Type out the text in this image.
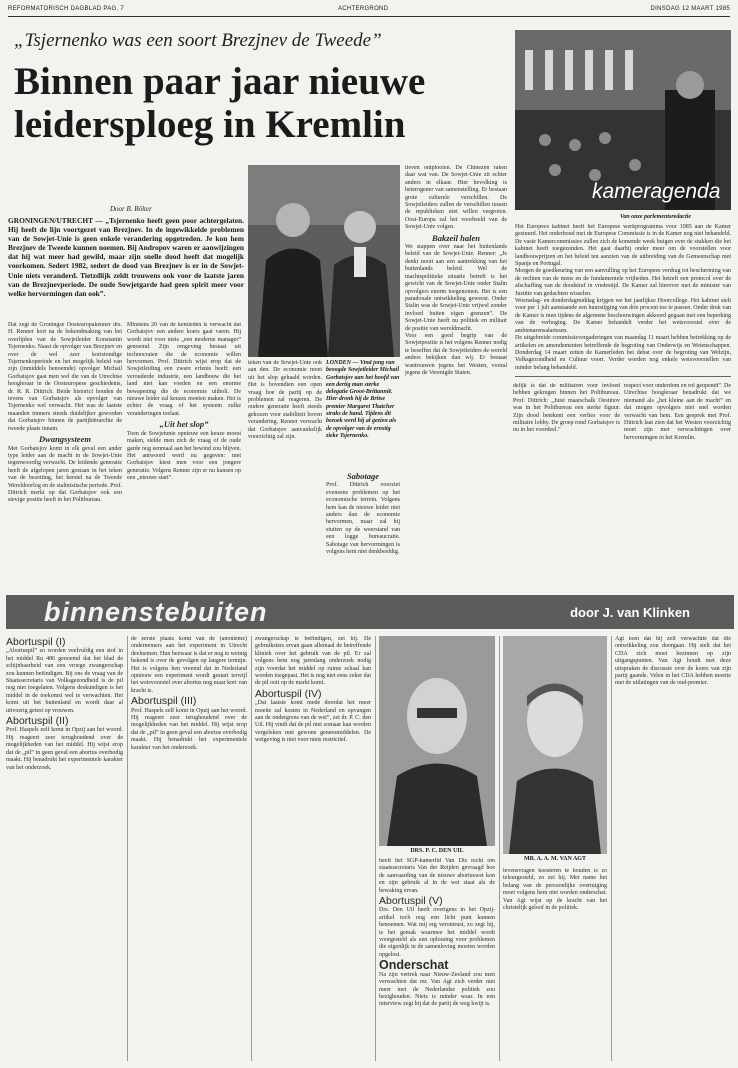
REFORMATORISCH DAGBLAD PAG. 7	ACHTERGROND	DINSDAG 12 MAART 1985
„Tsjernenko was een soort Brezjnev de Tweede”
Binnen paar jaar nieuwe leidersploeg in Kremlin
Door B. Bölter
GRONINGEN/UTRECHT — „Tsjernenko heeft geen poor achtergelaten. Hij heeft de lijn voortgezet van Brezjnev. In de ingewikkelde problemen van de Sowjet-Unie is geen enkele verandering opgetreden. Je kon hem Brezjnev de Tweede kunnen noemen. Bij Andropov waren er aanwijzingen dat hij wat meer had gewild, maar zijn snelle dood heeft dat mogelijk voorkomen. Sedert 1982, sedert de dood van Brezjnev is er in de Sowjet-Unie niets veranderd. Tietzdlijk zeldt trouwens ook voor de laatste jaren van de Brezjnevperiode. De oude Sowjetgarde had geen spirit meer voor welke hervormingen dan ook”.

Dat zegt de Groningse Oosteuropakenner drs. H. Renner kort na de bekendmaking van het overlijden van de Sowjetleider Konstantin Tsjernenko. Naast de opvolger van Brezjnev en over de wel zeer kortstondige Tsjernenkoperiode en het mogelijk beleid van zijn (inmiddels benoemde) opvolger Michail Gorbatsjov gaat men wel die van de Utrechtse hoogleraar in de Oosteuropese geschiedenis, dr. R. R. Dittrich. Beide historici houden de tevens van Gorbatsjov als opvolger van Tsjernenko wel verwacht. Het was de laatste maanden immers steeds duidelijker geworden dat Gorbatsjov binnen de partijhiërarchie de tweede plaats innam.

Dwangsysteem

Met Gorbatsjov komt in elk geval een ander type leider aan de macht in de Sowjet-Unie tegenwoordig verwacht. De leidende generatie heeft de afgelopen jaren gestaan in het teken van de bezetting, het herstel na de Tweede Wereldoorlog en de stalinistische periode. Prof. Dittrich merkt op dat Gorbatsjov ook een stevige positie heeft in het Politbureau.

Minstens 20 van de kemleden is verwacht dat Gorbatsjov een andere koers gaat varen. Hij wordt niet voor niets „een moderne manager” genoemd. Zijn omgeving bestaat uit technocraten die de economie willen hervormen. Prof. Dittrich wijst erop dat de Sowjetleiding een zware erfenis heeft: een verouderde industrie, een landbouw die het land niet kan voeden en een enorme bewapening die de economie uitholt. De nieuwe leider zal keuzes moeten maken. Het is echter de vraag of het systeem zulke veranderingen toelaat.

„Uit het slop”

Toen de Sowjetunie opnieuw een keuze moest maken, stelde men zich de vraag of de oude garde nog eenmaal aan het bewind zou blijven. Het antwoord werd nu gegeven: met Gorbatsjov kiest men voor een jongere generatie. Volgens Renner zijn er nu kansen op een „nieuwe start”.

teken van de Sowjet-Unie ook aan den. De economie moet uit het slop gehaald worden. Het is bovendien een open vraag hoe de partij op de problemen zal reageren. De oudere generatie heeft steeds gekozen voor stabiliteit boven verandering. Renner verwacht dat Gorbatsjov aanvankelijk voorzichtig zal zijn.

LONDEN — Vind jong van beoogde Sowjetleider Michail Gorbatsjov aan het hoofd van een dertig man sterke delegatie Groot-Brittannië. Hier dronk hij de Britse premier Margaret Thatcher straks de hand. Tijdens dit bezoek werd hij al gezien als de opvolger van de ernstig zieke Tsjernenko.
Sabotage

Prof. Dittrich voorziet eveneens problemen op het economische terrein. Volgens hem kan de nieuwe leider niet anders dan de economie hervormen, maar zal hij stuiten op de weerstand van een logge bureaucratie. Sabotage van hervormingen is volgens hem niet denkbeeldig.

tieven ontplooien. De Chinezen raken daar wat van. De Sowjet-Unie zit echter anders in elkaar. Hier bevolking is heterogener van samenstelling. Er bestaan grote culturele verschillen. De Sowjetleiders zullen de verschillen tussen de republieken niet willen vergroten. Oost-Europa zal het voorbeeld van de Sowjet-Unie volgen.

Bakzeil halen

We stappen over naar het buitenlands beleid van de Sowjet-Unie. Renner: „Je denkt nooit aan een aantrekking van het buitenlands beleid. Wel de machtspolitieke situatie betreft is het gewicht van de Sowjet-Unie onder Stalin opvolgers enorm toegenomen. Het is een paradoxale ontwikkeling geweest. Onder Stalin was de Sowjet-Unie vrijwel zonder invloed buiten eigen grenzen”. De Sowjet-Unie heeft nu politiek en militair de positie van wereldmacht.

Voor een goed begrip van de Sowjetpositie is het volgens Renner nodig te beseffen dat de Sowjetleiders de wereld anders bekijken dan wij. Er bestaat wantrouwen jegens het Westen, vooral jegens de Verenigde Staten.

kameragenda
Van onze parlementsredactie

Het Europees kabinet heeft het Europese werkprogramma voor 1985 aan de Kamer gestuurd. Het onderhoud met de Europese Commissie is in de Kamer nog niet behandeld. De vaste Kamercommissies zullen zich de komende week buigen over de stukken die het kabinet heeft toegezonden. Het gaat daarbij onder meer om de voorstellen voor landbouwprijzen en het beleid ten aanzien van de uitbreiding van de Gemeenschap met Spanje en Portugal.

Morgen de goedkeuring van een aanvulling op het Europees verdrag tot bescherming van de rechten van de mens en de fundamentele vrijheden. Het betreft een protocol over de afschaffing van de doodstraf in vredestijd. De Kamer zal hierover met de minister van Justitie van gedachten wisselen.

Woensdag- en donderdagmiddag krijgen we het jaarlijkse Hoorcollege. Het kabinet stelt voor per 1 juli aanstaande een huurstijging van drie procent toe te passen. Onder druk van de Kamer is men tijdens de algemene beschouwingen akkoord gegaan met een beperking van de verhoging. De Kamer behandelt verder het wetsvoorstel over de ambtenarensalarissen.

De uitgebreide commissievergaderingen van maandag 11 maart hebben betrekking op de artikelen en amendementen betreffende de begroting van Onderwijs en Wetenschappen. Donderdag 14 maart zetten de Kamerleden het debat over de begroting van Welzijn, Volksgezondheid en Cultuur voort. Verder worden nog enkele wetsvoorstellen van minder belang behandeld.

delijk is dat de militairen voor invloed hebben gekregen binnen het Politbureau. Prof. Dittrich: „Juist maarschalk Oestinov was in het Politbureau een sterke figuur. Zijn dood betekent een verlies voor de militaire lobby. De groep rond Gorbatsjov is nu in het voordeel.”

respect voor onderdom en rol geopendt”. De Utrechtse hoogleraar benadrukt dat we niemand als „het kleine aan de macht” en dat mogen opvolgers niet snel worden verwacht van hem. Een gesprek met Prof. Dittrich laat zien dat het Westen voorzichtig moet zijn met verwachtingen over hervormingen in het Kremlin.

binnenstebuiten	door J. van Klinken
Abortuspil (I)

„Abortuspil” zo worden veelvuldig een stof in het middel Ru 486 genoemd dat het blad de schijnbaarheid van een vroege zwangerschap zou kunnen beëindigen. Bij ons de vraag van de Staatssecretaris van Volksgezondheid is de pil nog niet toegelaten. Volgens deskundigen is het middel in de toekomst wel te verwachten. Het komt uit het buitenland en wordt daar al uitvoerig getest op vrouwen.

Abortuspil (II)

Prof. Haspels zelf komt in Opzij aan het woord. Hij reageert zeer terughoudend over de mogelijkheden van het middel. Hij wijst erop dat de „pil” in geen geval een abortus overbodig maakt. Hij benadrukt het experimentele karakter van het onderzoek.

de eerste plaats komt van de (anonieme) ondernemers aan het experiment in Utrecht deelnemen. Hun bezwaar is dat er nog te weinig bekend is over de gevolgen op langere termijn. Het is volgens hen vreemd dat in Nederland opnieuw een experiment wordt gestart terwijl het wetsvoorstel over abortus nog maar kort van kracht is.

Abortuspil (III)

Prof. Haspels zelf komt in Opzij aan het woord. Hij reageert zeer terughoudend over de mogelijkheden van het middel. Hij wijst erop dat de „pil” in geen geval een abortus overbodig maakt. Hij benadrukt het experimentele karakter van het onderzoek.

zwangerschap te beëindigen, zei hij. De gebruiksters ervan gaan allemaal de betreffende kliniek over het gebruik van de pil. Er zal volgens hem nog jarenlang onderzoek nodig zijn voordat het middel op ruime schaal kan worden toegepast. Het is nog niet eens zeker dat de pil ooit op de markt komt.

Abortuspil (IV)

„Dat laatste komt mede doordat het meer moeite zal kosten in Nederland en opvangen aan de ondergrens van de wet”, zei dr. P. C. den Uil. Hij vindt dat de pil niet zomaar kan worden vergeleken met gewone geneesmiddelen. De wetgeving is niet voor niets restrictief.

DRS. P. C. DEN UIL

heeft het SGP-kamerlid Van Dis recht om staatssecretaris Van der Reijden gevraagd hoe de aanvaarding van de nieuwe abortuswet kon en zijn gebruik al in de wet staat als de bewaking ervan.

Abortuspil (V)

Drs. Den Uil heeft overigens in het Opzij-artikel toch nog een licht punt kunnen benoemen. Wat mij erg verontrust, zo zegt hij, is het gemak waarmee het middel wordt voorgesteld als een oplossing voor problemen die eigenlijk in de samenleving moeten worden opgelost.

Onderschat

Na zijn vertrek naar Nieuw-Zeeland zou men verwachten dat mr. Van Agt zich verder niet meer met de Nederlandse politiek zou bezighouden. Niets is minder waar. In een interview zegt hij dat de partij de weg kwijt is.

MR. A. A. M. VAN AGT

levensvragen koesteren te houden is zo teleurgesteld, zo zei hij. Met name het belang van de persoonlijke overtuiging moet volgens hem niet worden onderschat. Van Agt wijst op de kracht van het christelijk geloof in de politiek.

Agt toen dat hij zelf verwachtte dat die ontwikkeling zou doorgaan. Hij stelt dat het CDA zich moet bezinnen op zijn uitgangspunten. Van Agt houdt met deze uitspraken de discussie over de koers van zijn partij gaande. Velen in het CDA hebben moeite met de uitlatingen van de oud-premier.
